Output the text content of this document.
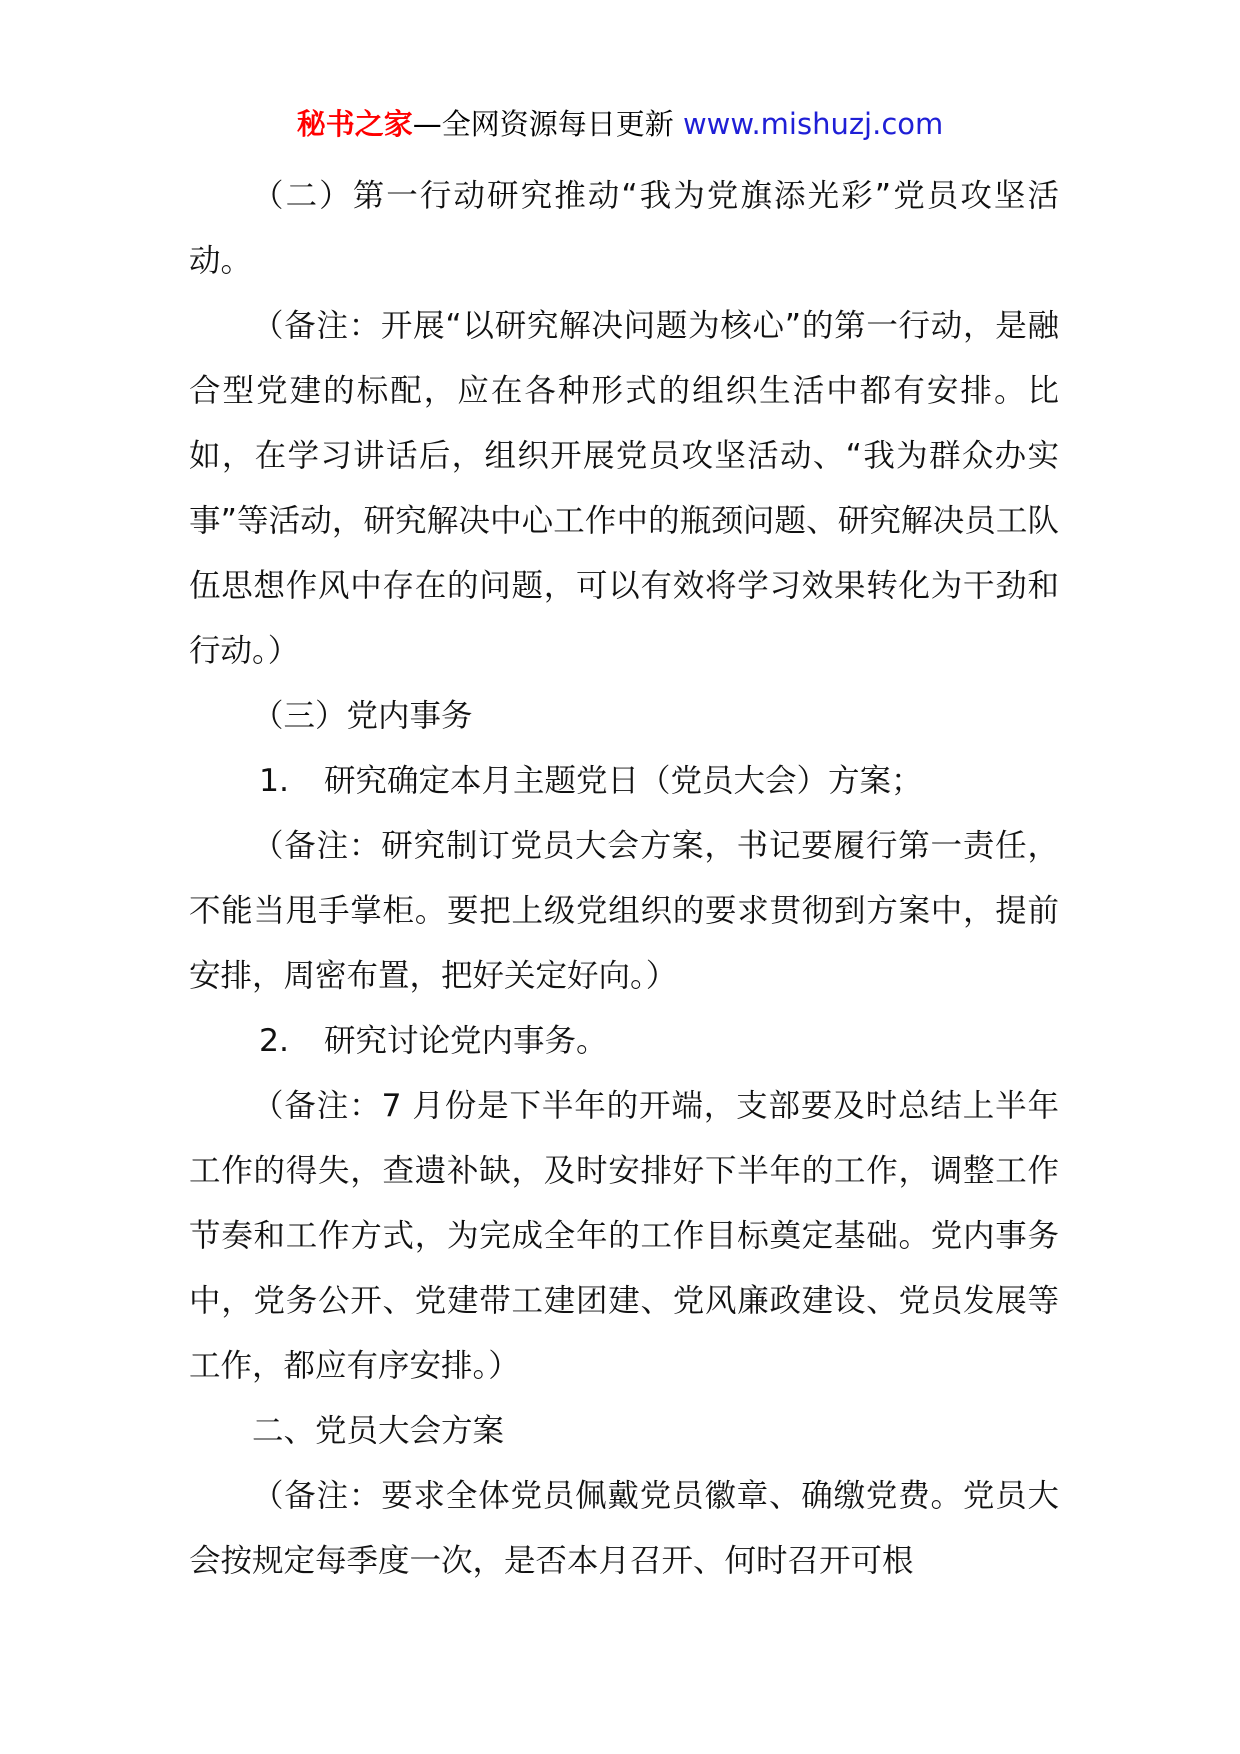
秘书之家—全网资源每日更新 www.mishuzj.com

（二）第一行动研究推动“我为党旗添光彩”党员攻坚活动。

（备注：开展“以研究解决问题为核心”的第一行动，是融合型党建的标配，应在各种形式的组织生活中都有安排。比如，在学习讲话后，组织开展党员攻坚活动、“我为群众办实事”等活动，研究解决中心工作中的瓶颈问题、研究解决员工队伍思想作风中存在的问题，可以有效将学习效果转化为干劲和行动。）

（三）党内事务

1. 研究确定本月主题党日（党员大会）方案；

（备注：研究制订党员大会方案，书记要履行第一责任，不能当甩手掌柜。要把上级党组织的要求贯彻到方案中，提前安排，周密布置，把好关定好向。）

2. 研究讨论党内事务。

（备注：7 月份是下半年的开端，支部要及时总结上半年工作的得失，查遗补缺，及时安排好下半年的工作，调整工作节奏和工作方式，为完成全年的工作目标奠定基础。党内事务中，党务公开、党建带工建团建、党风廉政建设、党员发展等工作，都应有序安排。）

二、党员大会方案

（备注：要求全体党员佩戴党员徽章、确缴党费。党员大会按规定每季度一次，是否本月召开、何时召开可根
